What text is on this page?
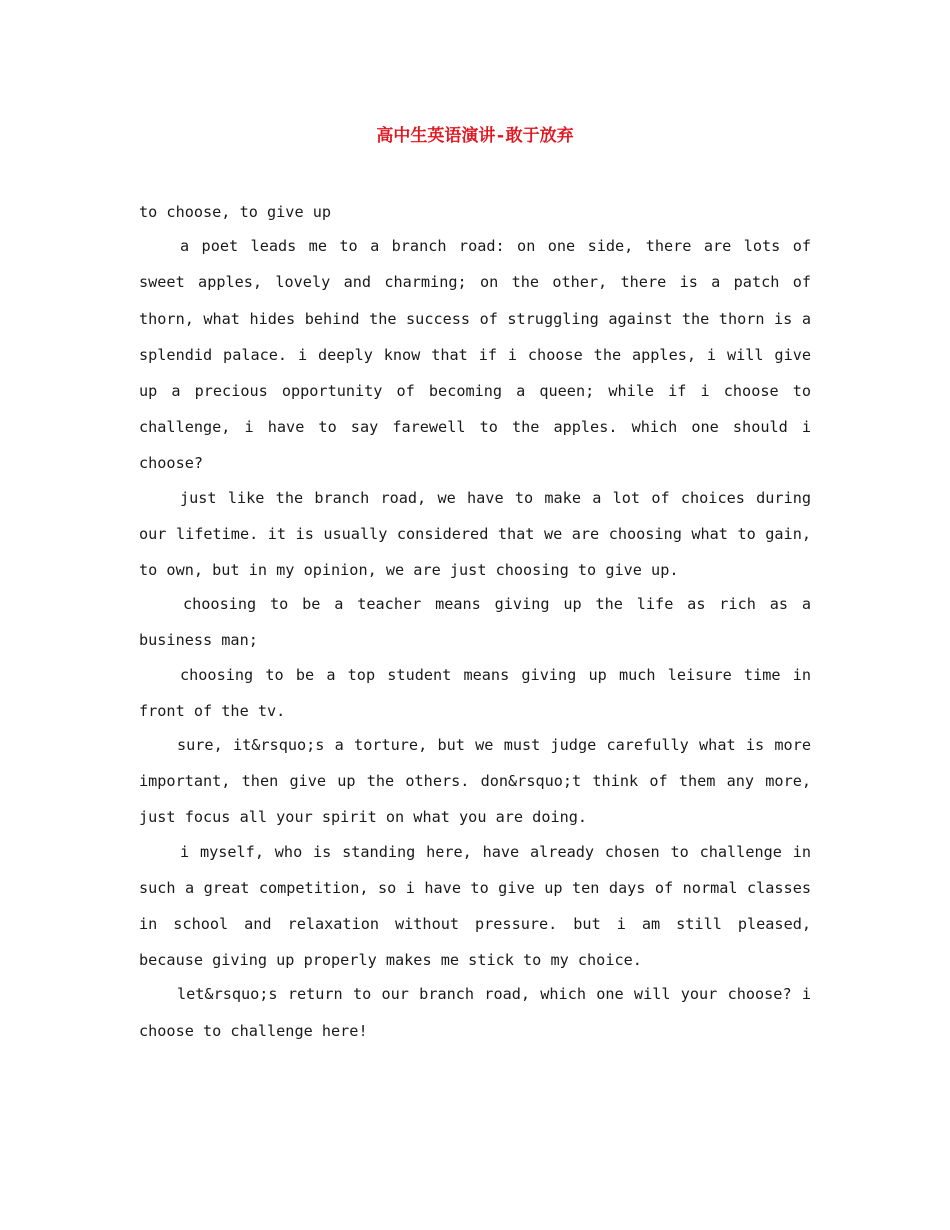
高中生英语演讲-敢于放弃

to choose, to give up

a poet leads me to a branch road: on one side, there are lots of sweet apples, lovely and charming; on the other, there is a patch of thorn, what hides behind the success of struggling against the thorn is a splendid palace. i deeply know that if i choose the apples, i will give up a precious opportunity of becoming a queen; while if i choose to challenge, i have to say farewell to the apples. which one should i choose?

just like the branch road, we have to make a lot of choices during our lifetime. it is usually considered that we are choosing what to gain, to own, but in my opinion, we are just choosing to give up.

choosing to be a teacher means giving up the life as rich as a business man;

choosing to be a top student means giving up much leisure time in front of the tv.

sure, it&rsquo;s a torture, but we must judge carefully what is more important, then give up the others. don&rsquo;t think of them any more, just focus all your spirit on what you are doing.

i myself, who is standing here, have already chosen to challenge in such a great competition, so i have to give up ten days of normal classes in school and relaxation without pressure. but i am still pleased, because giving up properly makes me stick to my choice.

let&rsquo;s return to our branch road, which one will your choose? i choose to challenge here!
